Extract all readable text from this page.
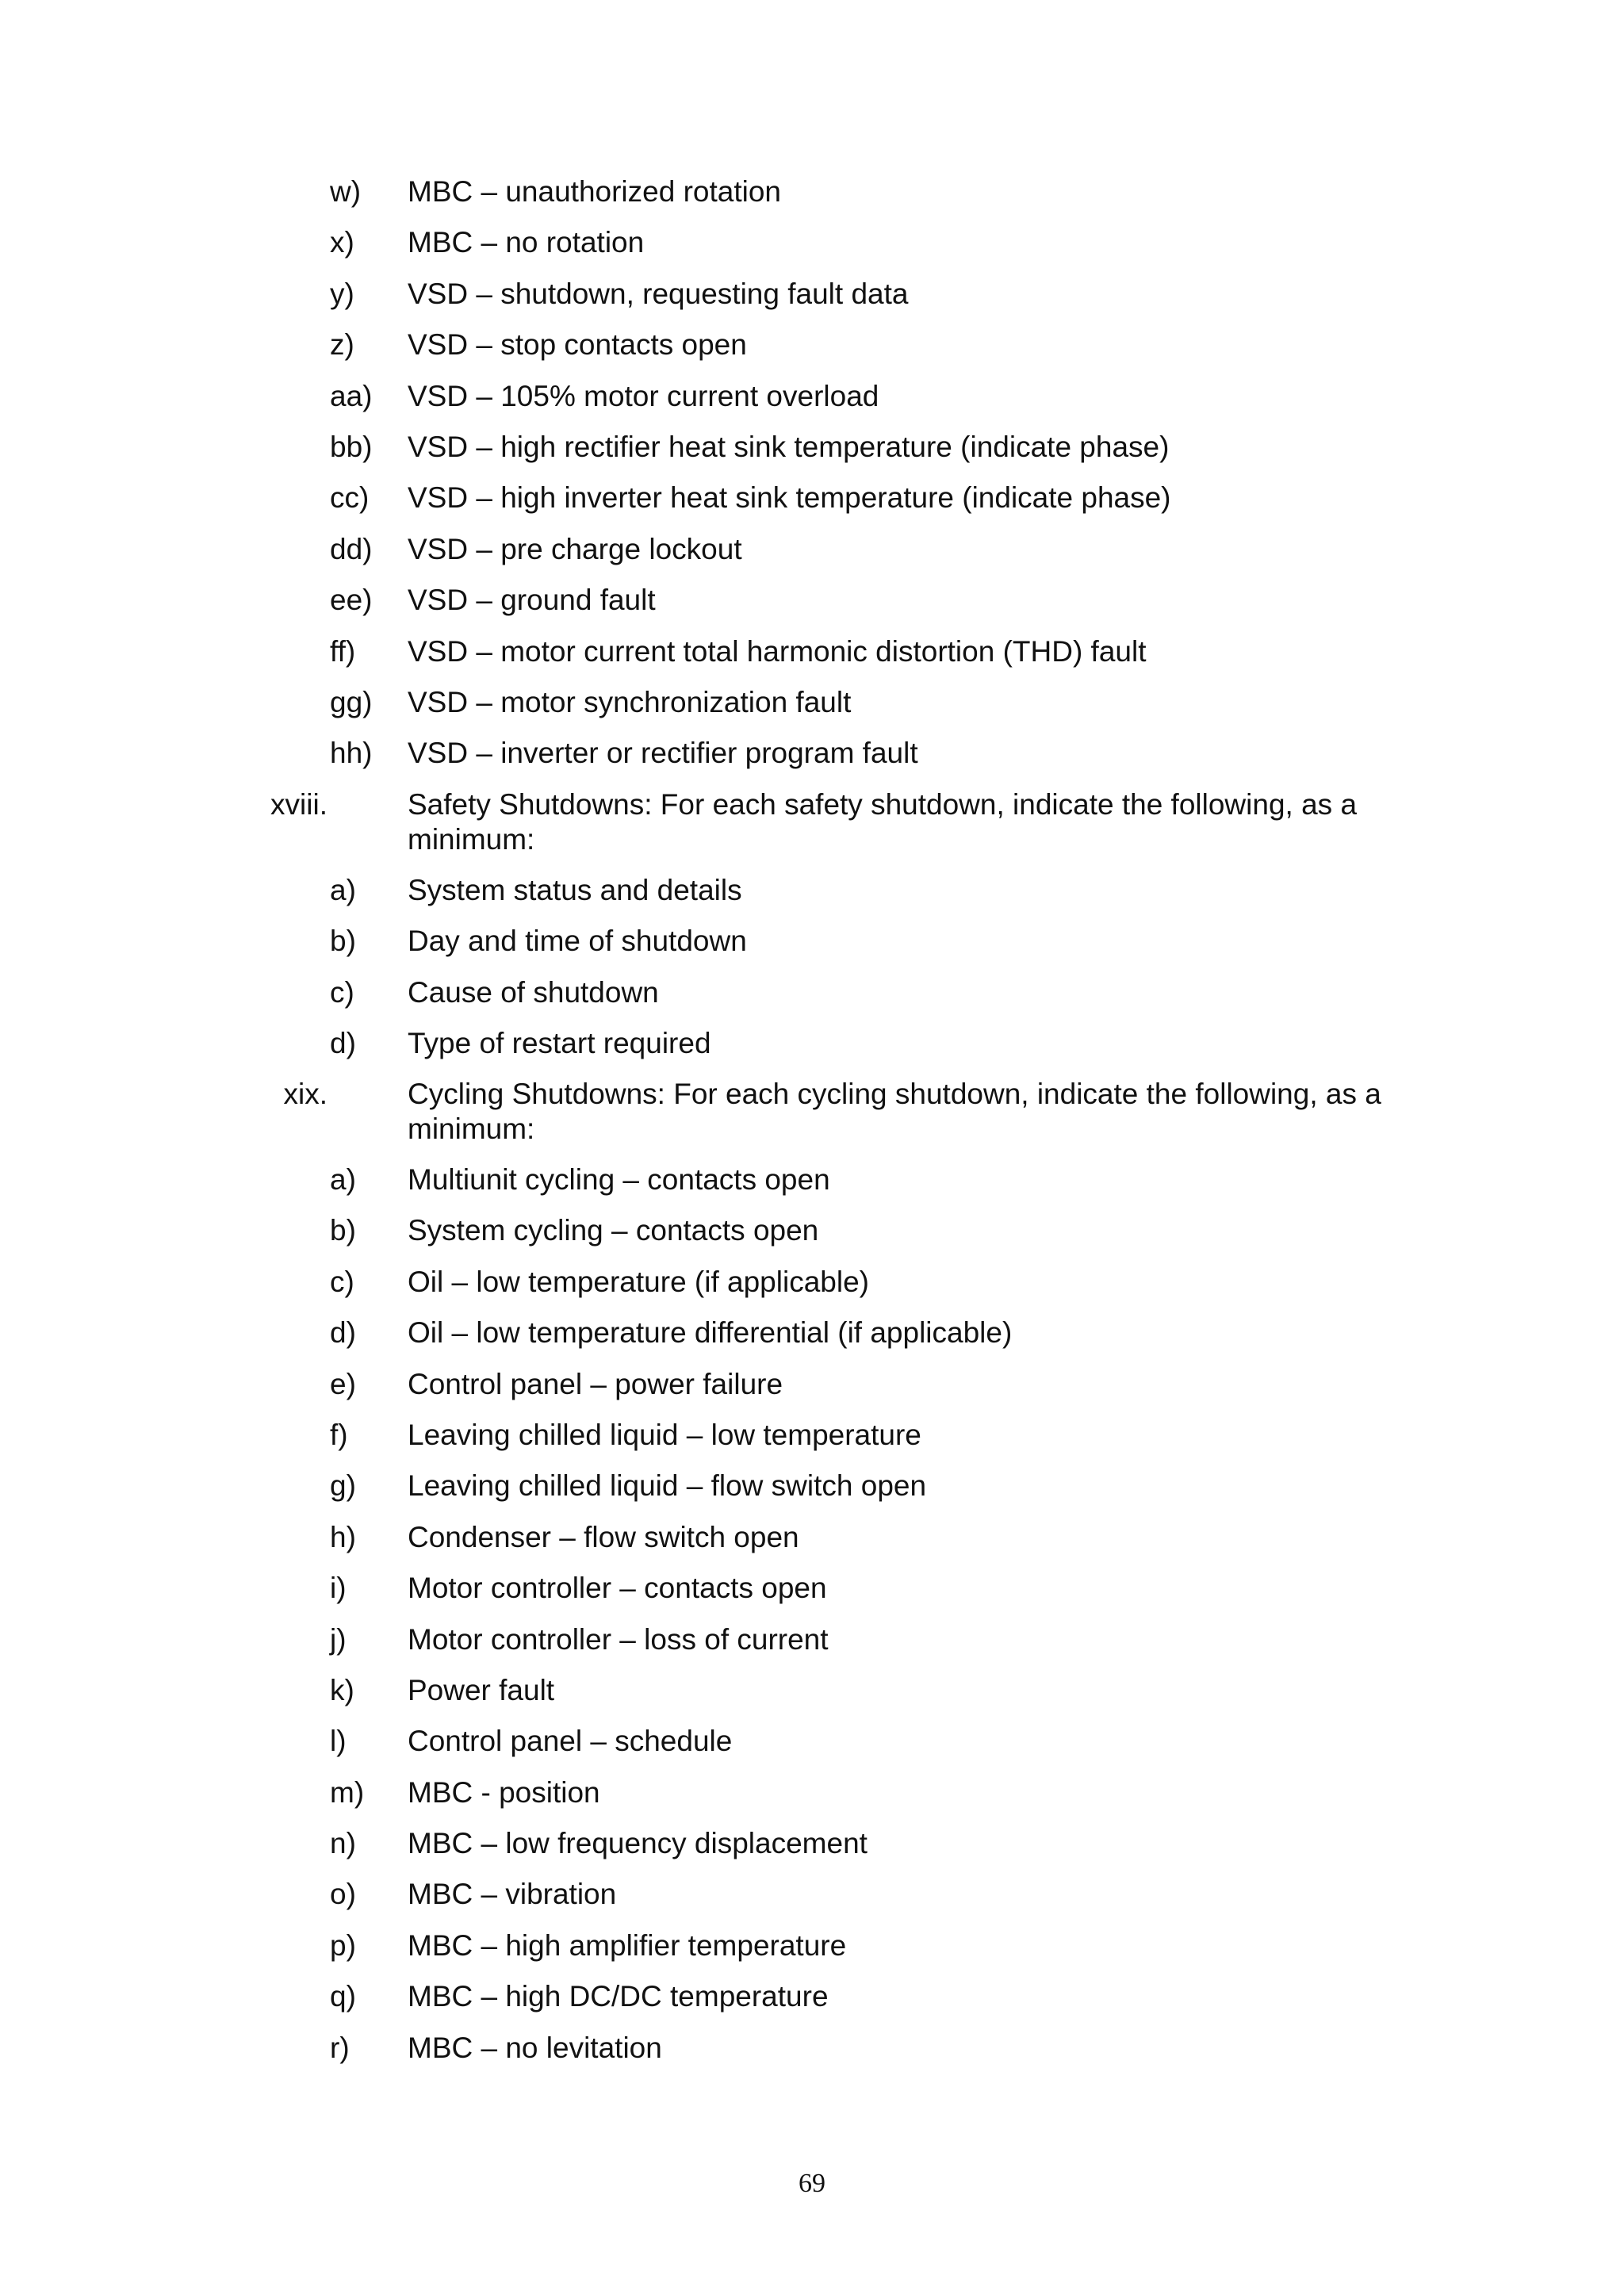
w) MBC – unauthorized rotation
x) MBC – no rotation
y) VSD – shutdown, requesting fault data
z) VSD – stop contacts open
aa) VSD – 105% motor current overload
bb) VSD – high rectifier heat sink temperature (indicate phase)
cc) VSD – high inverter heat sink temperature (indicate phase)
dd) VSD – pre charge lockout
ee) VSD – ground fault
ff) VSD – motor current total harmonic distortion (THD) fault
gg) VSD – motor synchronization fault
hh) VSD – inverter or rectifier program fault
xviii.	Safety Shutdowns: For each safety shutdown, indicate the following, as a minimum:
a) System status and details
b) Day and time of shutdown
c) Cause of shutdown
d) Type of restart required
xix.	Cycling Shutdowns: For each cycling shutdown, indicate the following, as a minimum:
a) Multiunit cycling – contacts open
b) System cycling – contacts open
c) Oil – low temperature (if applicable)
d) Oil – low temperature differential (if applicable)
e) Control panel – power failure
f) Leaving chilled liquid – low temperature
g) Leaving chilled liquid – flow switch open
h) Condenser – flow switch open
i) Motor controller – contacts open
j) Motor controller – loss of current
k) Power fault
l) Control panel – schedule
m) MBC - position
n) MBC – low frequency displacement
o) MBC – vibration
p) MBC – high amplifier temperature
q) MBC – high DC/DC temperature
r) MBC – no levitation
69
